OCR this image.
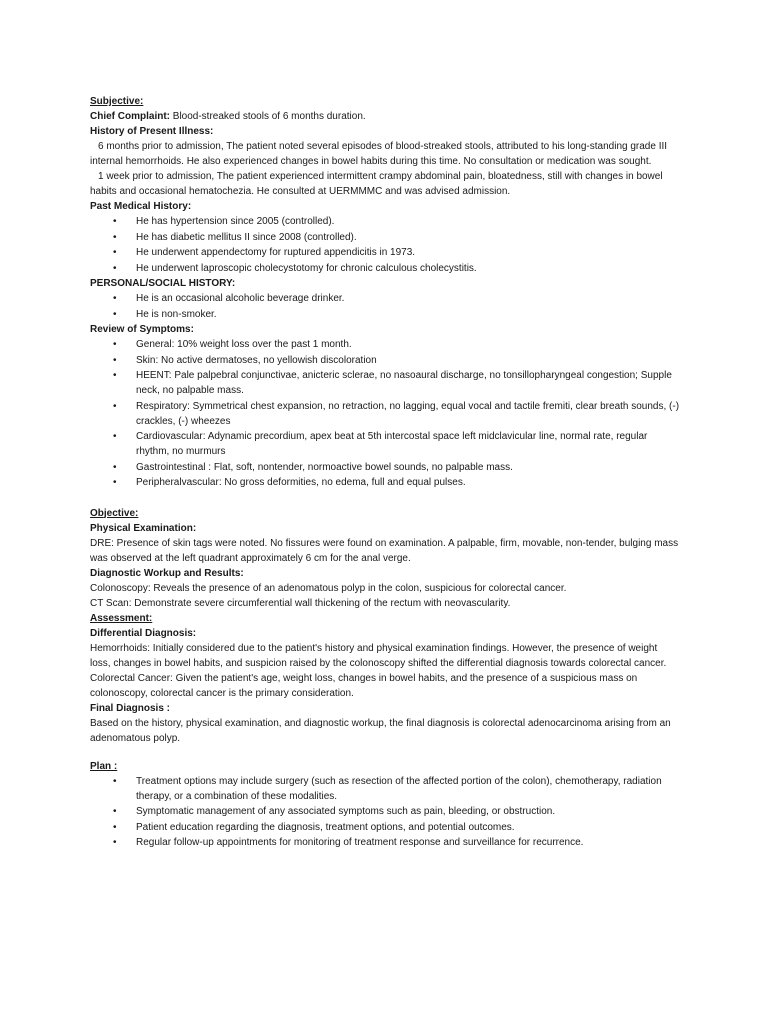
Subjective:

Chief Complaint: Blood-streaked stools of 6 months duration.

History of Present Illness:

6 months prior to admission, The patient noted several episodes of blood-streaked stools, attributed to his long-standing grade III internal hemorrhoids. He also experienced changes in bowel habits during this time. No consultation or medication was sought.

1 week prior to admission, The patient experienced intermittent crampy abdominal pain, bloatedness, still with changes in bowel habits and occasional hematochezia. He consulted at UERMMMC and was advised admission.

Past Medical History:

• He has hypertension since 2005 (controlled).
• He has diabetic mellitus II since 2008 (controlled).
• He underwent appendectomy for ruptured appendicitis in 1973.
• He underwent laproscopic cholecystotomy for chronic calculous cholecystitis.

PERSONAL/SOCIAL HISTORY:

• He is an occasional alcoholic beverage drinker.
• He is non-smoker.

Review of Symptoms:

• General: 10% weight loss over the past 1 month.
• Skin: No active dermatoses, no yellowish discoloration
• HEENT: Pale palpebral conjunctivae, anicteric sclerae, no nasoaural discharge, no tonsillopharyngeal congestion; Supple neck, no palpable mass.
• Respiratory: Symmetrical chest expansion, no retraction, no lagging, equal vocal and tactile fremiti, clear breath sounds, (-) crackles, (-) wheezes
• Cardiovascular: Adynamic precordium, apex beat at 5th intercostal space left midclavicular line, normal rate, regular rhythm, no murmurs
• Gastrointestinal : Flat, soft, nontender, normoactive bowel sounds, no palpable mass.
• Peripheralvascular: No gross deformities, no edema, full and equal pulses.

Objective:

Physical Examination:

DRE: Presence of skin tags were noted. No fissures were found on examination. A palpable, firm, movable, non-tender, bulging mass was observed at the left quadrant approximately 6 cm for the anal verge.

Diagnostic Workup and Results:

Colonoscopy: Reveals the presence of an adenomatous polyp in the colon, suspicious for colorectal cancer.

CT Scan: Demonstrate severe circumferential wall thickening of the rectum with neovascularity.

Assessment:

Differential Diagnosis:

Hemorrhoids: Initially considered due to the patient's history and physical examination findings. However, the presence of weight loss, changes in bowel habits, and suspicion raised by the colonoscopy shifted the differential diagnosis towards colorectal cancer.

Colorectal Cancer: Given the patient's age, weight loss, changes in bowel habits, and the presence of a suspicious mass on colonoscopy, colorectal cancer is the primary consideration.

Final Diagnosis :

Based on the history, physical examination, and diagnostic workup, the final diagnosis is colorectal adenocarcinoma arising from an adenomatous polyp.

Plan :

• Treatment options may include surgery (such as resection of the affected portion of the colon), chemotherapy, radiation therapy, or a combination of these modalities.
• Symptomatic management of any associated symptoms such as pain, bleeding, or obstruction.
• Patient education regarding the diagnosis, treatment options, and potential outcomes.
• Regular follow-up appointments for monitoring of treatment response and surveillance for recurrence.
